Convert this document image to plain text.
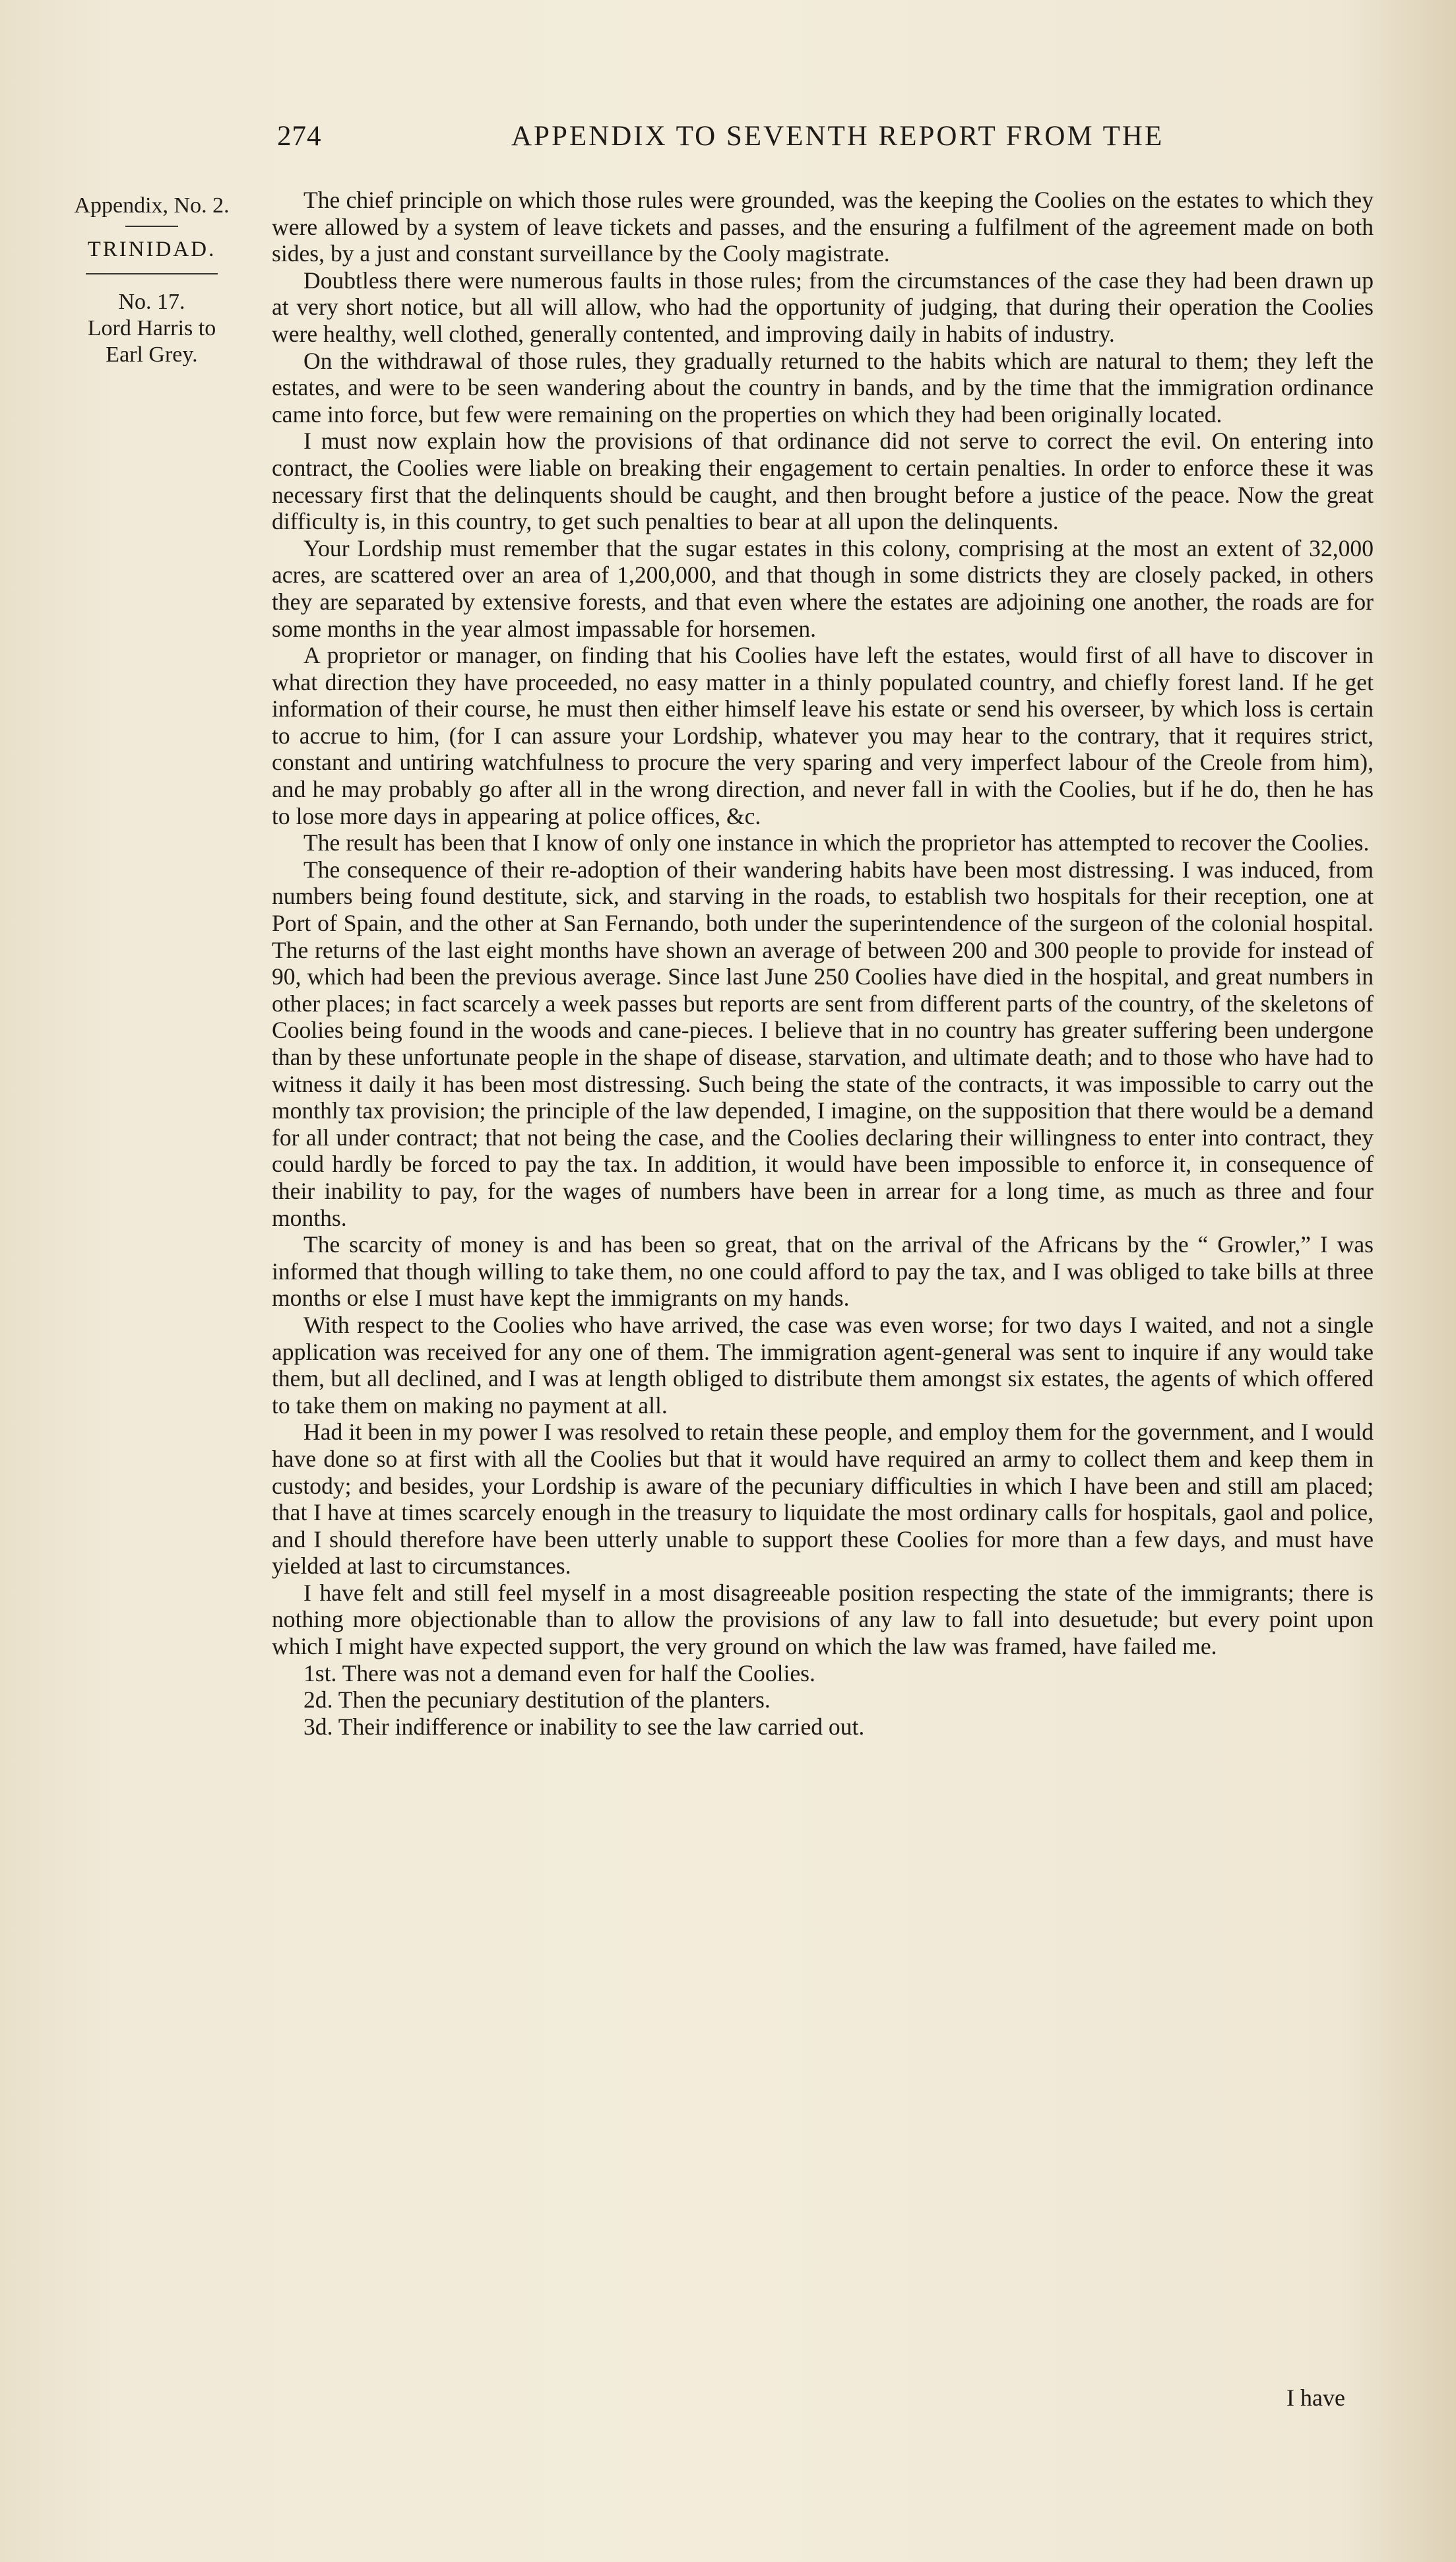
274	APPENDIX TO SEVENTH REPORT FROM THE
Appendix, No. 2.
TRINIDAD.
No. 17.
Lord Harris to
Earl Grey.

The chief principle on which those rules were grounded, was the keeping the Coolies on the estates to which they were allowed by a system of leave tickets and passes, and the ensuring a fulfilment of the agreement made on both sides, by a just and constant surveillance by the Cooly magistrate.

Doubtless there were numerous faults in those rules; from the circumstances of the case they had been drawn up at very short notice, but all will allow, who had the opportunity of judging, that during their operation the Coolies were healthy, well clothed, generally contented, and improving daily in habits of industry.

On the withdrawal of those rules, they gradually returned to the habits which are natural to them; they left the estates, and were to be seen wandering about the country in bands, and by the time that the immigration ordinance came into force, but few were remaining on the properties on which they had been originally located.

I must now explain how the provisions of that ordinance did not serve to correct the evil. On entering into contract, the Coolies were liable on breaking their engagement to certain penalties. In order to enforce these it was necessary first that the delinquents should be caught, and then brought before a justice of the peace. Now the great difficulty is, in this country, to get such penalties to bear at all upon the delinquents.

Your Lordship must remember that the sugar estates in this colony, comprising at the most an extent of 32,000 acres, are scattered over an area of 1,200,000, and that though in some districts they are closely packed, in others they are separated by extensive forests, and that even where the estates are adjoining one another, the roads are for some months in the year almost impassable for horsemen.

A proprietor or manager, on finding that his Coolies have left the estates, would first of all have to discover in what direction they have proceeded, no easy matter in a thinly populated country, and chiefly forest land. If he get information of their course, he must then either himself leave his estate or send his overseer, by which loss is certain to accrue to him, (for I can assure your Lordship, whatever you may hear to the contrary, that it requires strict, constant and untiring watchfulness to procure the very sparing and very imperfect labour of the Creole from him), and he may probably go after all in the wrong direction, and never fall in with the Coolies, but if he do, then he has to lose more days in appearing at police offices, &c.

The result has been that I know of only one instance in which the proprietor has attempted to recover the Coolies.

The consequence of their re-adoption of their wandering habits have been most distressing. I was induced, from numbers being found destitute, sick, and starving in the roads, to establish two hospitals for their reception, one at Port of Spain, and the other at San Fernando, both under the superintendence of the surgeon of the colonial hospital. The returns of the last eight months have shown an average of between 200 and 300 people to provide for instead of 90, which had been the previous average. Since last June 250 Coolies have died in the hospital, and great numbers in other places; in fact scarcely a week passes but reports are sent from different parts of the country, of the skeletons of Coolies being found in the woods and cane-pieces. I believe that in no country has greater suffering been undergone than by these unfortunate people in the shape of disease, starvation, and ultimate death; and to those who have had to witness it daily it has been most distressing. Such being the state of the contracts, it was impossible to carry out the monthly tax provision; the principle of the law depended, I imagine, on the supposition that there would be a demand for all under contract; that not being the case, and the Coolies declaring their willingness to enter into contract, they could hardly be forced to pay the tax. In addition, it would have been impossible to enforce it, in consequence of their inability to pay, for the wages of numbers have been in arrear for a long time, as much as three and four months.

The scarcity of money is and has been so great, that on the arrival of the Africans by the “ Growler,” I was informed that though willing to take them, no one could afford to pay the tax, and I was obliged to take bills at three months or else I must have kept the immigrants on my hands.

With respect to the Coolies who have arrived, the case was even worse; for two days I waited, and not a single application was received for any one of them. The immigration agent-general was sent to inquire if any would take them, but all declined, and I was at length obliged to distribute them amongst six estates, the agents of which offered to take them on making no payment at all.

Had it been in my power I was resolved to retain these people, and employ them for the government, and I would have done so at first with all the Coolies but that it would have required an army to collect them and keep them in custody; and besides, your Lordship is aware of the pecuniary difficulties in which I have been and still am placed; that I have at times scarcely enough in the treasury to liquidate the most ordinary calls for hospitals, gaol and police, and I should therefore have been utterly unable to support these Coolies for more than a few days, and must have yielded at last to circumstances.

I have felt and still feel myself in a most disagreeable position respecting the state of the immigrants; there is nothing more objectionable than to allow the provisions of any law to fall into desuetude; but every point upon which I might have expected support, the very ground on which the law was framed, have failed me.

1st. There was not a demand even for half the Coolies.

2d. Then the pecuniary destitution of the planters.

3d. Their indifference or inability to see the law carried out.

I have
